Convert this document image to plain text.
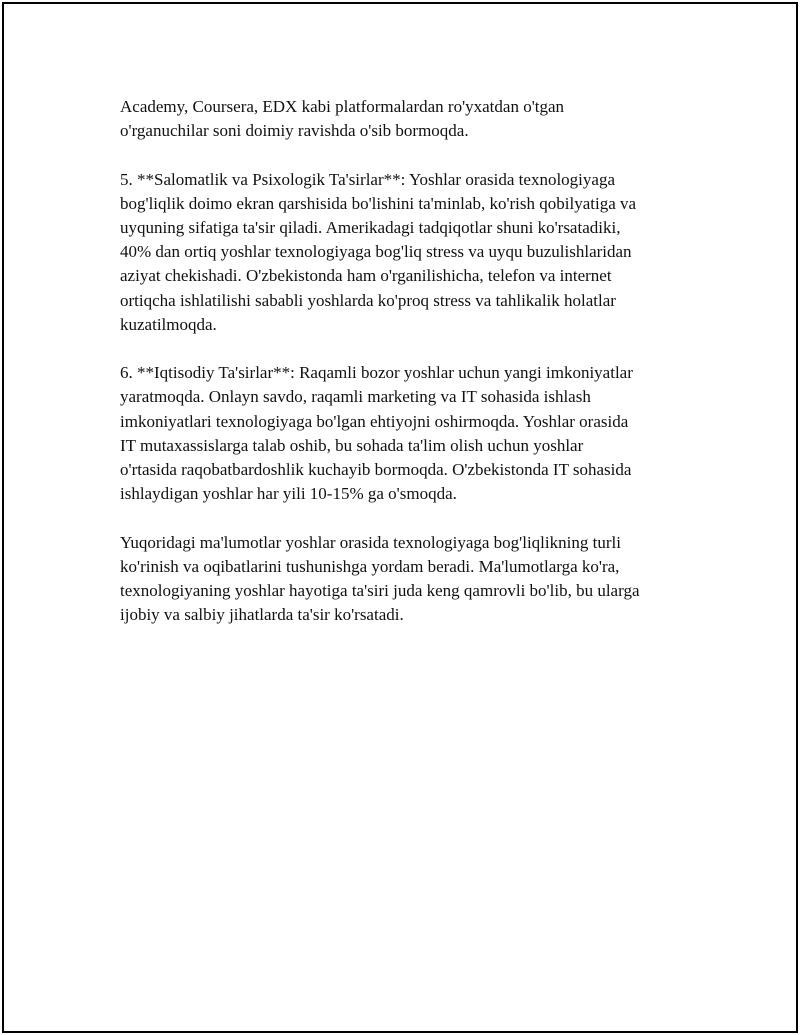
Academy, Coursera, EDX kabi platformalardan ro'yxatdan o'tgan
o'rganuchilar soni doimiy ravishda o'sib bormoqda.

5. **Salomatlik va Psixologik Ta'sirlar**: Yoshlar orasida texnologiyaga
bog'liqlik doimo ekran qarshisida bo'lishini ta'minlab, ko'rish qobilyatiga va
uyquning sifatiga ta'sir qiladi. Amerikadagi tadqiqotlar shuni ko'rsatadiki,
40% dan ortiq yoshlar texnologiyaga bog'liq stress va uyqu buzulishlaridan
aziyat chekishadi. O'zbekistonda ham o'rganilishicha, telefon va internet
ortiqcha ishlatilishi sababli yoshlarda ko'proq stress va tahlikalik holatlar
kuzatilmoqda.

6. **Iqtisodiy Ta'sirlar**: Raqamli bozor yoshlar uchun yangi imkoniyatlar
yaratmoqda. Onlayn savdo, raqamli marketing va IT sohasida ishlash
imkoniyatlari texnologiyaga bo'lgan ehtiyojni oshirmoqda. Yoshlar orasida
IT mutaxassislarga talab oshib, bu sohada ta'lim olish uchun yoshlar
o'rtasida raqobatbardoshlik kuchayib bormoqda. O'zbekistonda IT sohasida
ishlaydigan yoshlar har yili 10-15% ga o'smoqda.

Yuqoridagi ma'lumotlar yoshlar orasida texnologiyaga bog'liqlikning turli
ko'rinish va oqibatlarini tushunishga yordam beradi. Ma'lumotlarga ko'ra,
texnologiyaning yoshlar hayotiga ta'siri juda keng qamrovli bo'lib, bu ularga
ijobiy va salbiy jihatlarda ta'sir ko'rsatadi.
